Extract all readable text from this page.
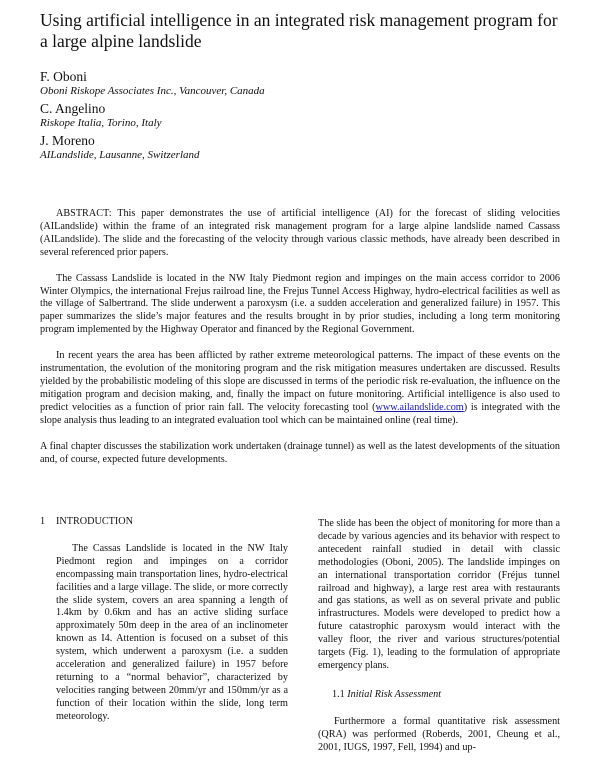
Using artificial intelligence in an integrated risk management program for a large alpine landslide
F. Oboni
Oboni Riskope Associates Inc., Vancouver, Canada
C. Angelino
Riskope Italia, Torino, Italy
J. Moreno
AILandslide, Lausanne, Switzerland

ABSTRACT: This paper demonstrates the use of artificial intelligence (AI) for the forecast of sliding velocities (AILandslide) within the frame of an integrated risk management program for a large alpine landslide named Cassass (AILandslide). The slide and the forecasting of the velocity through various classic methods, have already been described in several referenced prior papers.

The Cassass Landslide is located in the NW Italy Piedmont region and impinges on the main access corridor to 2006 Winter Olympics, the international Frejus railroad line, the Frejus Tunnel Access Highway, hydro-electrical facilities as well as the village of Salbertrand. The slide underwent a paroxysm (i.e. a sudden acceleration and generalized failure) in 1957. This paper summarizes the slide’s major features and the results brought in by prior studies, including a long term monitoring program implemented by the Highway Operator and financed by the Regional Government.

In recent years the area has been afflicted by rather extreme meteorological patterns. The impact of these events on the instrumentation, the evolution of the monitoring program and the risk mitigation measures undertaken are discussed. Results yielded by the probabilistic modeling of this slope are discussed in terms of the periodic risk re-evaluation, the influence on the mitigation program and decision making, and, finally the impact on future monitoring. Artificial intelligence is also used to predict velocities as a function of prior rain fall. The velocity forecasting tool (www.ailandslide.com) is integrated with the slope analysis thus leading to an integrated evaluation tool which can be maintained online (real time).

A final chapter discusses the stabilization work undertaken (drainage tunnel) as well as the latest developments of the situation and, of course, expected future developments.

1 INTRODUCTION

The Cassas Landslide is located in the NW Italy Piedmont region and impinges on a corridor encompassing main transportation lines, hydro-electrical facilities and a large village. The slide, or more correctly the slide system, covers an area spanning a length of 1.4km by 0.6km and has an active sliding surface approximately 50m deep in the area of an inclinometer known as I4. Attention is focused on a subset of this system, which underwent a paroxysm (i.e. a sudden acceleration and generalized failure) in 1957 before returning to a “normal behavior”, characterized by velocities ranging between 20mm/yr and 150mm/yr as a function of their location within the slide, long term meteorology.

The slide has been the object of monitoring for more than a decade by various agencies and its behavior with respect to antecedent rainfall studied in detail with classic methodologies (Oboni, 2005). The landslide impinges on an international transportation corridor (Fréjus tunnel railroad and highway), a large rest area with restaurants and gas stations, as well as on several private and public infrastructures. Models were developed to predict how a future catastrophic paroxysm would interact with the valley floor, the river and various structures/potential targets (Fig. 1), leading to the formulation of appropriate emergency plans.

1.1 Initial Risk Assessment

Furthermore a formal quantitative risk assessment (QRA) was performed (Roberds, 2001, Cheung et al., 2001, IUGS, 1997, Fell, 1994) and up-
